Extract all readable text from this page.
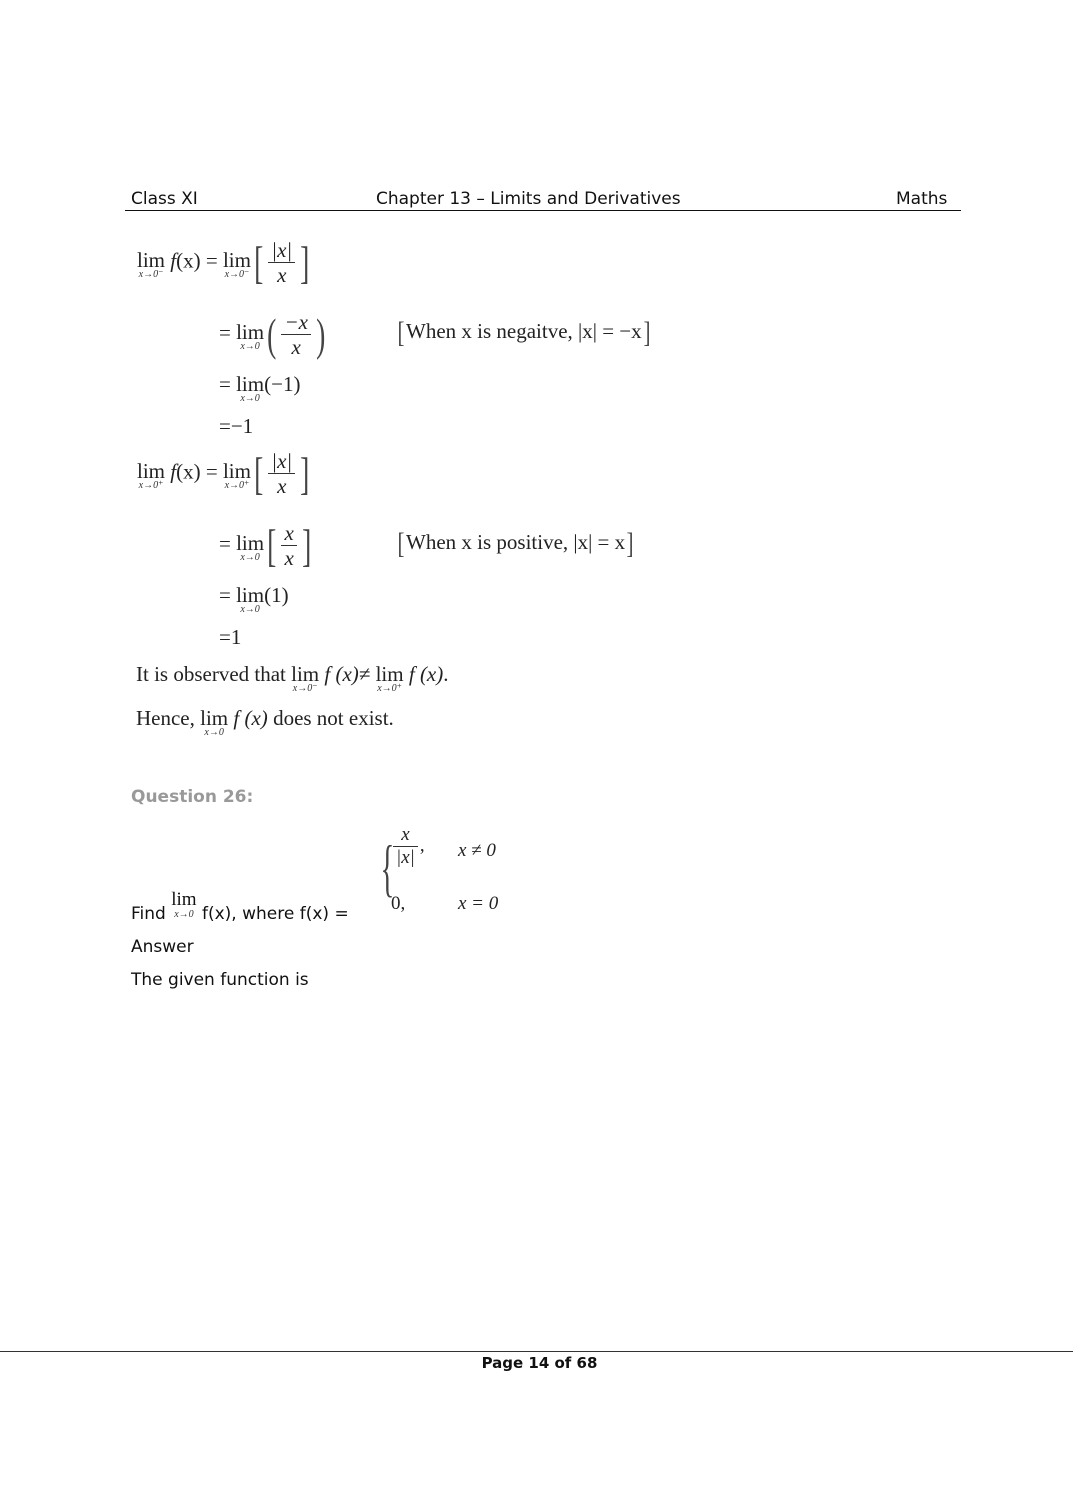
Class XI	Chapter 13 – Limits and Derivatives	Maths
lim
x→0⁻
f(x) = lim
x→0⁻ [ $\frac{|x|}{x}$ ]
= lim
x→0 ( $\frac{-x}{x}$ ) [When x is negaitve, |x| = −x]
= lim
x→0
(−1)
=−1
lim
x→0⁺
f(x) = lim
x→0⁺ [ $\frac{|x|}{x}$ ]
= lim
x→0 [ $\frac{x}{x}$ ]	[When x is positive, |x| = x]
= lim
x→0
(1)
=1
It is observed that lim
x→0⁻
f (x)≠ lim
x→0⁺
f (x).
Hence, lim
x→0
f (x) does not exist.
Question 26:
{
$\frac{x}{|x|}$ , x ≠ 0
0,	x = 0
Find lim
x→0 f(x), where f(x) =
Answer
The given function is
Page 14 of 68
